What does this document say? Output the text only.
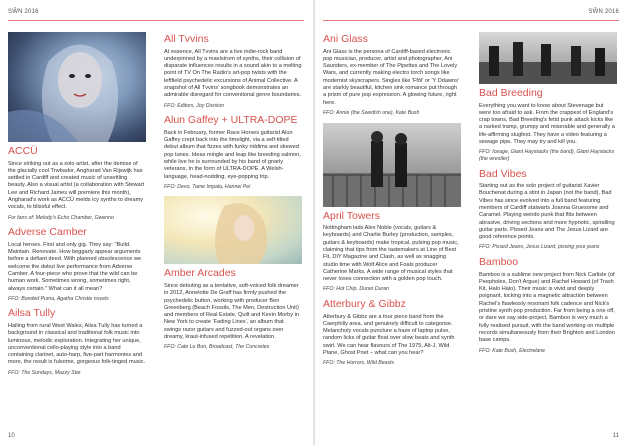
SŴN 2016
ACCÜ

Since striking out as a solo artist, after the demise of the glacially cool Trwbador, Angharad Van Rijswijk has settled in Cardiff and created music of unsettling beauty. Also a visual artist (a collaboration with Stewart Lee and Richard James will premiere this month), Angharad's work as ACCÜ melds icy synths to dreamy vocals, to blissful effect.

For fans of: Melody's Echo Chamber, Gwenno

Adverse Camber

Local heroes. First and only gig. They say: "Build. Maintain. Renovate. How beggarly appear arguments before a defiant deed. With planned obsolescence we welcome the debut live performance from Adverse Camber. A four-piece who prove that the wild can be human work. Sometimes wrong, sometimes right, always certain." What can it all mean?

FFO: Bonded Puma, Agatha Christie novels

Ailsa Tully

Hailing from rural West Wales, Ailsa Tully has turned a background in classical and traditional folk music into luminous, melodic exploration. Integrating her unique, unconventional cello-playing style into a band containing clarinet, auto-harp, five-part harmonies and more, the result is fulsome, gorgeous folk-tinged music.

FFO: The Sundays, Mazzy Star

All Tvvins

At essence, All Tvvins are a live indie-rock band underpinned by a maelstrom of synths, their collision of disparate influences results in a sound akin to a melting point of TV On The Radio's art-pop twists with the leftfield psychedelic excursions of Animal Collective. A snapshot of All Tvvins' songbook demonstrates an admirable disregard for conventional genre boundaries.

FFO: Editors, Joy Division

Alun Gaffey + ULTRA-DOPE

Back in February, former Race Horses guitarist Alun Gaffey crept back into the limelight, via a self-titled debut album that fizzes with funky riddims and skewed pop tunes. Ideas mingle and leap like breeding salmon, while live he is surrounded by his band of gnarly veterans, in the form of ULTRA-DOPE. A Welsh-language, head-nodding, eye-popping trip.

FFO: Devo, Tame Impala, Hannei Pei

Amber Arcades

Since debuting as a tentative, soft-voiced folk dreamer in 2012, Annelotte De Graff has firmly pushed the psychedelic button, working with producer Ben Greenberg (Beach Fossils, The Men, Destruction Unit) and members of Real Estate, Quilt and Kevin Morby in New York to create 'Fading Lines', an album that swings razor guitars and fuzzed-out organs over dreamy, kraut-infused repetition. A revelation.

FFO: Cate Le Bon, Broadcast, The Concretes

10
SŴN 2016
Ani Glass

Ani Glass is the persona of Cardiff-based electronic pop musician, producer, artist and photographer, Ani Saunders, ex-member of The Pipettes and The Lovely Wars, and currently making electro torch songs like modernist skyscrapers. Singles like 'Ffôl' or 'Y Ddawns' are starkly beautiful, kitchen sink romance put through a prism of pure pop expression. A glowing future, right here.

FFO: Annie (the Swedish one), Kate Bush

April Towers

Nottingham lads Alex Noble (vocals, guitars & keyboards) and Charlie Burley (production, samples, guitars & keyboards) make tropical, pulsing pop music, claiming that tips from the tastemakers at Line of Best Fit, DIY Magazine and Clash, as well as snagging studio time with Wolf Alice and Foals producer Catherine Marks. A wide range of musical styles that never loses connection with a golden pop touch.

FFO: Hot Chip, Duran Duran

Atterbury & Gibbz

Atterbury & Gibbz are a four piece band from the Caerphilly area, and genuinely difficult to categorise. Melancholy vocals puncture a haze of laptop pulse, random licks of guitar float over slow beats and synth swirl. We can hear flavours of The 1975, Alt-J, Wild Plane, Ghost Poet – what can you hear?

FFO: The Horrors, Wild Beasts

Bad Breeding

Everything you want to know about Stevenage but were too afraid to ask. From the crappest of England's crap towns, Bad Breeding's fetid punk attack kicks like a narked tramp, grumpy and miserable and generally a life-affirming slugfest. They have a video featuring a sewage pipe. They may try and kill you.

FFO: Iceage, Giant Haystacks (the band), Giant Haystacks (the wrestler)

Bad Vibes

Starting out as the solo project of guitarist Xavier Bouchenat during a stint in Japan (not the band), Bad Vibes has since evolved into a full band featuring members of Cardiff stalwarts Joanna Gruesome and Caramel. Playing weirdo punk that flits between abrasive, driving sections and more hypnotic, spiralling guitar parts. Pissed Jeans and The Jesus Lizard are good reference points.

FFO: Pissed Jeans, Jesus Lizard, pissing your jeans

Bamboo

Bamboo is a sublime new project from Nick Carlisle (of Peepholes, Don't Argue) and Rachel Howard (of Trash Kit, Halo Halo). Their music is vivid and deeply poignant, locking into a magnetic attraction between Rachel's flawlessly resonant folk cadence and Nick's pristine synth pop production. Far from being a one off, or dare we say side-project, Bamboo is very much a fully realised pursuit, with the band working on multiple records simultaneously from their Brighton and London base camps.

FFO: Kate Bush, Electrelane

11
